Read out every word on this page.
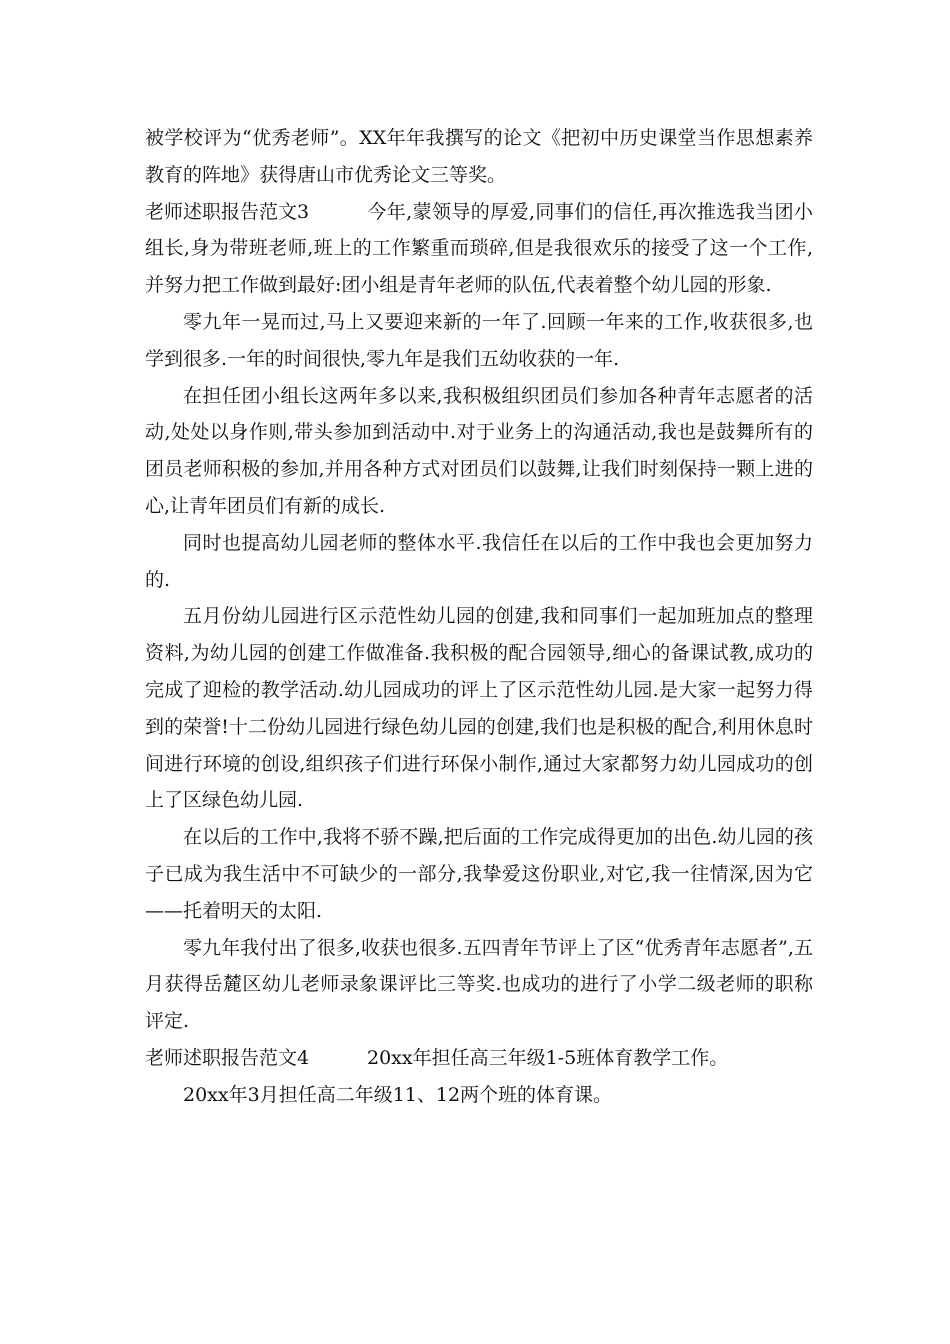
被学校评为“优秀老师”。XX年年我撰写的论文《把初中历史课堂当作思想素养教育的阵地》获得唐山市优秀论文三等奖。

老师述职报告范文3	今年,蒙领导的厚爱,同事们的信任,再次推选我当团小组长,身为带班老师,班上的工作繁重而琐碎,但是我很欢乐的接受了这一个工作,并努力把工作做到最好:团小组是青年老师的队伍,代表着整个幼儿园的形象.

零九年一晃而过,马上又要迎来新的一年了.回顾一年来的工作,收获很多,也学到很多.一年的时间很快,零九年是我们五幼收获的一年.

在担任团小组长这两年多以来,我积极组织团员们参加各种青年志愿者的活动,处处以身作则,带头参加到活动中.对于业务上的沟通活动,我也是鼓舞所有的团员老师积极的参加,并用各种方式对团员们以鼓舞,让我们时刻保持一颗上进的心,让青年团员们有新的成长.

同时也提高幼儿园老师的整体水平.我信任在以后的工作中我也会更加努力的.

五月份幼儿园进行区示范性幼儿园的创建,我和同事们一起加班加点的整理资料,为幼儿园的创建工作做准备.我积极的配合园领导,细心的备课试教,成功的完成了迎检的教学活动.幼儿园成功的评上了区示范性幼儿园.是大家一起努力得到的荣誉!十二份幼儿园进行绿色幼儿园的创建,我们也是积极的配合,利用休息时间进行环境的创设,组织孩子们进行环保小制作,通过大家都努力幼儿园成功的创上了区绿色幼儿园.

在以后的工作中,我将不骄不躁,把后面的工作完成得更加的出色.幼儿园的孩子已成为我生活中不可缺少的一部分,我挚爱这份职业,对它,我一往情深,因为它——托着明天的太阳.

零九年我付出了很多,收获也很多.五四青年节评上了区“优秀青年志愿者”,五月获得岳麓区幼儿老师录象课评比三等奖.也成功的进行了小学二级老师的职称评定.

老师述职报告范文4	20xx年担任高三年级1-5班体育教学工作。

20xx年3月担任高二年级11、12两个班的体育课。
